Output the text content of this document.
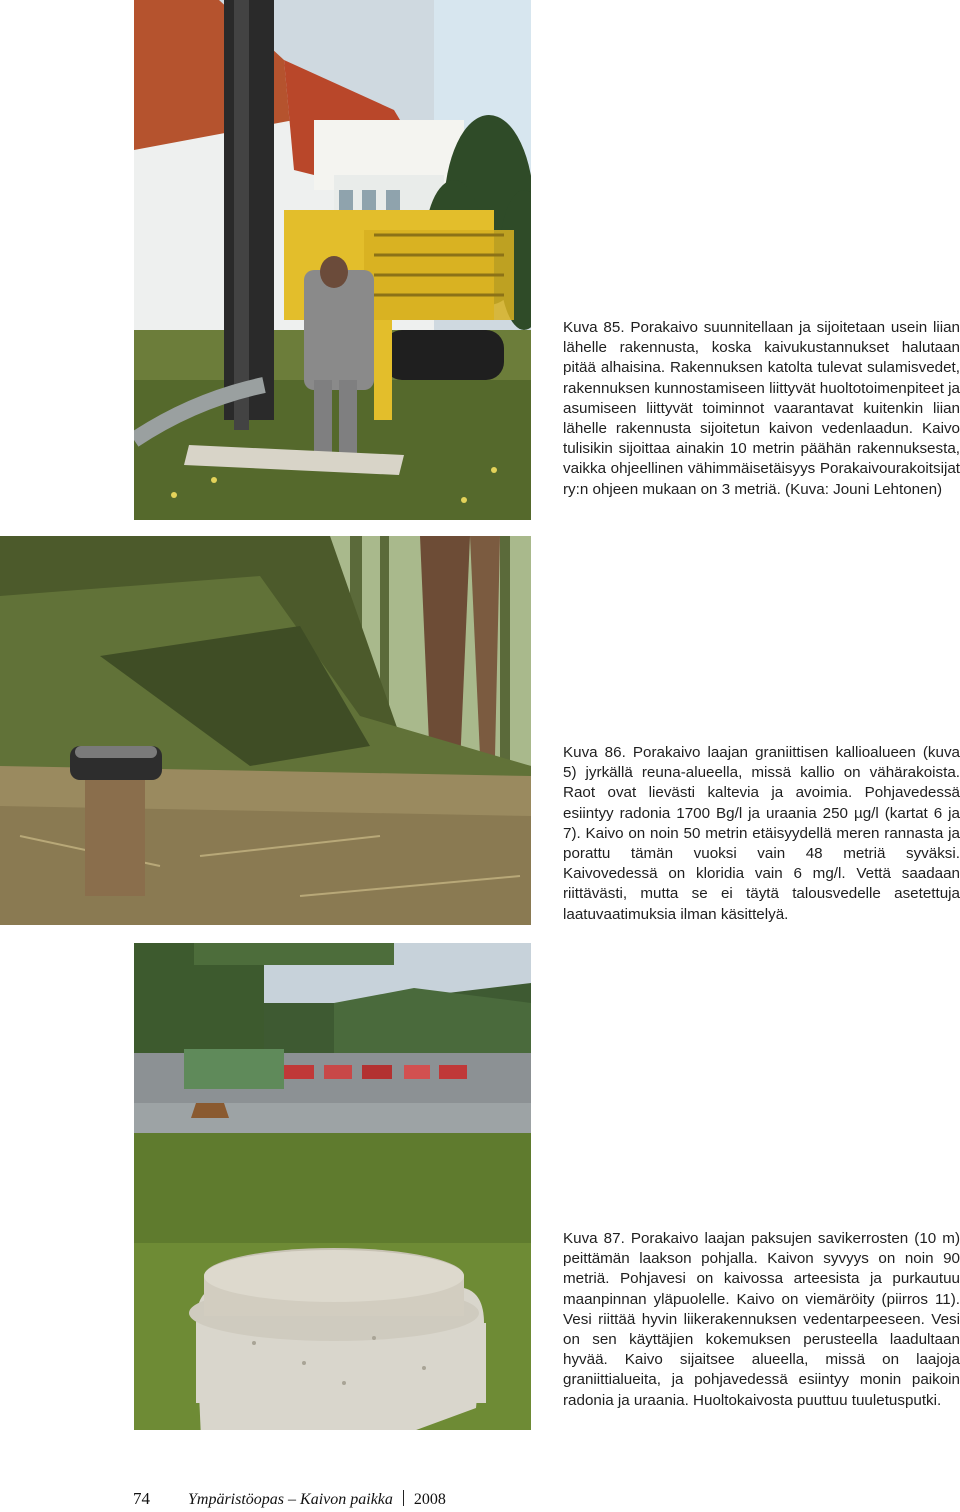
Kuva 85. Porakaivo suunnitellaan ja sijoitetaan usein liian lähelle rakennusta, koska kaivukustannukset halutaan pitää alhaisina. Rakennuksen katolta tulevat sulamisvedet, rakennuksen kunnostamiseen liittyvät huoltotoimenpiteet ja asumiseen liittyvät toiminnot vaarantavat kuitenkin liian lähelle rakennusta sijoitetun kaivon vedenlaadun. Kaivo tulisikin sijoittaa ainakin 10 metrin päähän rakennuksesta, vaikka ohjeellinen vähimmäisetäisyys Porakaivourakoitsijat ry:n ohjeen mukaan on 3 metriä. (Kuva: Jouni Lehtonen)

Kuva 86. Porakaivo laajan graniittisen kallioalueen (kuva 5) jyrkällä reuna-alueella, missä kallio on vähärakoista. Raot ovat lievästi kaltevia ja avoimia. Pohjavedessä esiintyy radonia 1700 Bg/l ja uraania 250 µg/l (kartat 6 ja 7). Kaivo on noin 50 metrin etäisyydellä meren rannasta ja porattu tämän vuoksi vain 48 metriä syväksi. Kaivovedessä on kloridia vain 6 mg/l. Vettä saadaan riittävästi, mutta se ei täytä talousvedelle asetettuja laatuvaatimuksia ilman käsittelyä.

Kuva 87. Porakaivo laajan paksujen savikerrosten (10 m) peittämän laakson pohjalla. Kaivon syvyys on noin 90 metriä. Pohjavesi on kaivossa arteesista ja purkautuu maanpinnan yläpuolelle. Kaivo on viemäröity (piirros 11). Vesi riittää hyvin liikerakennuksen vedentarpeeseen. Vesi on sen käyttäjien kokemuksen perusteella laadultaan hyvää. Kaivo sijaitsee alueella, missä on laajoja graniittialueita, ja pohjavedessä esiintyy monin paikoin radonia ja uraania. Huoltokaivosta puuttuu tuuletusputki.

74 Ympäristöopas – Kaivon paikka 2008
